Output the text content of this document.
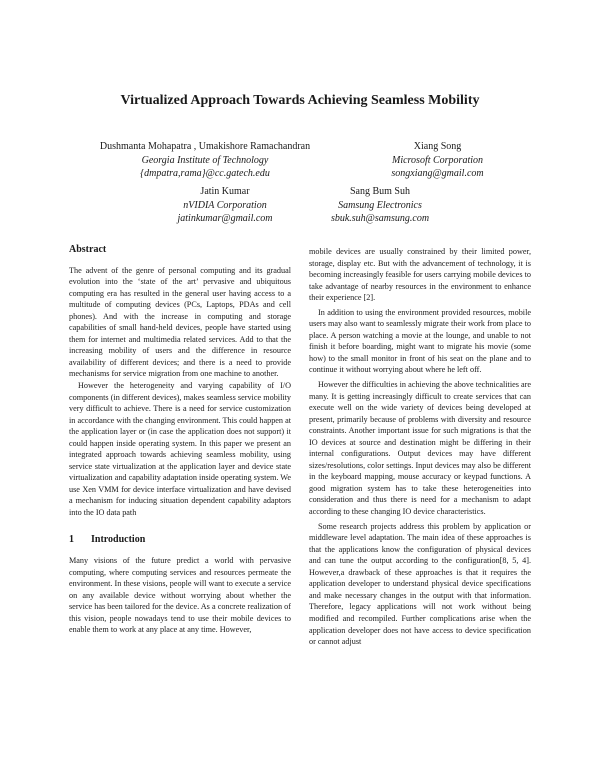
Virtualized Approach Towards Achieving Seamless Mobility
Dushmanta Mohapatra , Umakishore Ramachandran
Georgia Institute of Technology
{dmpatra,rama}@cc.gatech.edu
Xiang Song
Microsoft Corporation
songxiang@gmail.com
Jatin Kumar
nVIDIA Corporation
jatinkumar@gmail.com
Sang Bum Suh
Samsung Electronics
sbuk.suh@samsung.com
Abstract

The advent of the genre of personal computing and its gradual evolution into the ‘state of the art’ pervasive and ubiquitous computing era has resulted in the general user having access to a multitude of computing devices (PCs, Laptops, PDAs and cell phones). And with the increase in computing and storage capabilities of small hand-held devices, people have started using them for internet and multimedia related services. Add to that the increasing mobility of users and the difference in resource availability of different devices; and there is a need to provide mechanisms for service migration from one machine to another.

However the heterogeneity and varying capability of I/O components (in different devices), makes seamless service mobility very difficult to achieve. There is a need for service customization in accordance with the changing environment. This could happen at the application layer or (in case the application does not support) it could happen inside operating system. In this paper we present an integrated approach towards achieving seamless mobility, using service state virtualization at the application layer and device state virtualization and capability adaptation inside operating system. We use Xen VMM for device interface virtualization and have devised a mechanism for inducing situation dependent capability adaptors into the IO data path

1 Introduction

Many visions of the future predict a world with pervasive computing, where computing services and resources permeate the environment. In these visions, people will want to execute a service on any available device without worrying about whether the service has been tailored for the device. As a concrete realization of this vision, people nowadays tend to use their mobile devices to enable them to work at any place at any time. However,

mobile devices are usually constrained by their limited power, storage, display etc. But with the advancement of technology, it is becoming increasingly feasible for users carrying mobile devices to take advantage of nearby resources in the environment to enhance their experience [2].

In addition to using the environment provided resources, mobile users may also want to seamlessly migrate their work from place to place. A person watching a movie at the lounge, and unable to not finish it before boarding, might want to migrate his movie (some how) to the small monitor in front of his seat on the plane and to continue it without worrying about where he left off.

However the difficulties in achieving the above technicalities are many. It is getting increasingly difficult to create services that can execute well on the wide variety of devices being developed at present, primarily because of problems with diversity and resource constraints. Another important issue for such migrations is that the IO devices at source and destination might be differing in their internal configurations. Output devices may have different sizes/resolutions, color settings. Input devices may also be different in the keyboard mapping, mouse accuracy or keypad functions. A good migration system has to take these heterogeneities into consideration and thus there is need for a mechanism to adapt according to these changing IO device characteristics.

Some research projects address this problem by application or middleware level adaptation. The main idea of these approaches is that the applications know the configuration of physical devices and can tune the output according to the configuration[8, 5, 4]. However,a drawback of these approaches is that it requires the application developer to understand physical device specifications and make necessary changes in the output with that information. Therefore, legacy applications will not work without being modified and recompiled. Further complications arise when the application developer does not have access to device specification or cannot adjust
